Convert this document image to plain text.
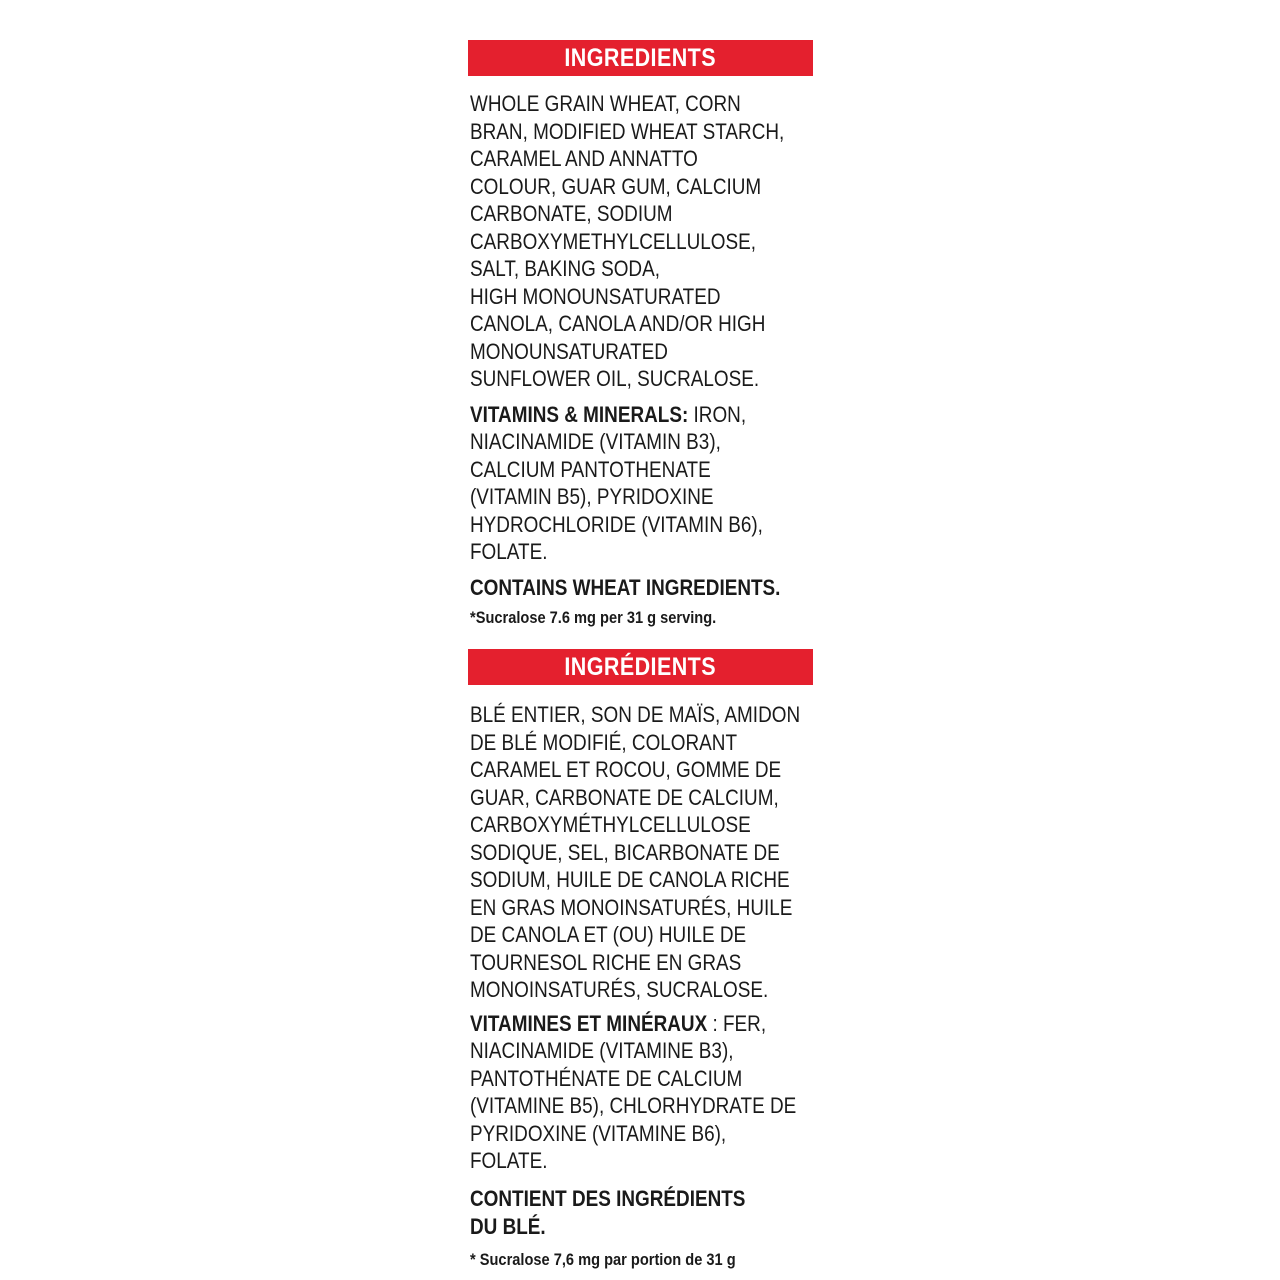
INGREDIENTS
WHOLE GRAIN WHEAT, CORN
BRAN, MODIFIED WHEAT STARCH,
CARAMEL AND ANNATTO
COLOUR, GUAR GUM, CALCIUM
CARBONATE, SODIUM
CARBOXYMETHYLCELLULOSE,
SALT, BAKING SODA,
HIGH MONOUNSATURATED
CANOLA, CANOLA AND/OR HIGH
MONOUNSATURATED
SUNFLOWER OIL, SUCRALOSE.
VITAMINS & MINERALS: IRON,
NIACINAMIDE (VITAMIN B3),
CALCIUM PANTOTHENATE
(VITAMIN B5), PYRIDOXINE
HYDROCHLORIDE (VITAMIN B6),
FOLATE.
CONTAINS WHEAT INGREDIENTS.
*Sucralose 7.6 mg per 31 g serving.
INGRÉDIENTS
BLÉ ENTIER, SON DE MAÏS, AMIDON
DE BLÉ MODIFIÉ, COLORANT
CARAMEL ET ROCOU, GOMME DE
GUAR, CARBONATE DE CALCIUM,
CARBOXYMÉTHYLCELLULOSE
SODIQUE, SEL, BICARBONATE DE
SODIUM, HUILE DE CANOLA RICHE
EN GRAS MONOINSATURÉS, HUILE
DE CANOLA ET (OU) HUILE DE
TOURNESOL RICHE EN GRAS
MONOINSATURÉS, SUCRALOSE.
VITAMINES ET MINÉRAUX : FER,
NIACINAMIDE (VITAMINE B3),
PANTOTHÉNATE DE CALCIUM
(VITAMINE B5), CHLORHYDRATE DE
PYRIDOXINE (VITAMINE B6),
FOLATE.
CONTIENT DES INGRÉDIENTS
DU BLÉ.
* Sucralose 7,6 mg par portion de 31 g
